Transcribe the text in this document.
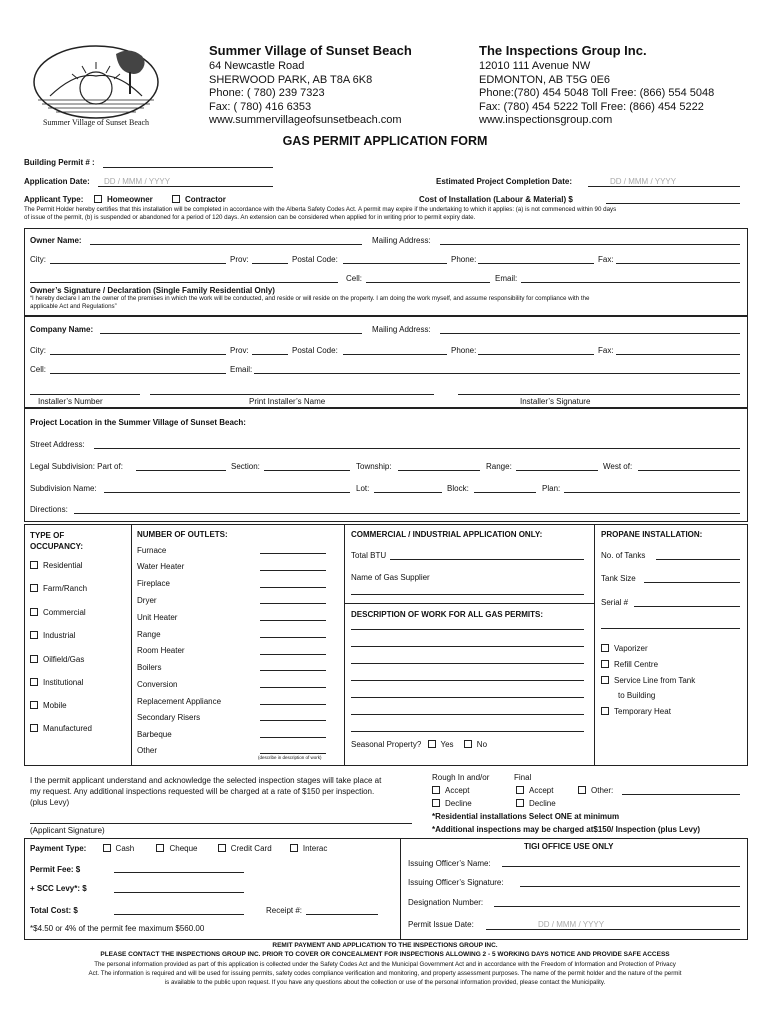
Summer Village of Sunset Beach
Summer Village of Sunset Beach
64 Newcastle Road
SHERWOOD PARK, AB T8A 6K8
Phone: ( 780) 239 7323
Fax: ( 780) 416 6353
www.summervillageofsunsetbeach.com
The Inspections Group Inc.
12010 111 Avenue NW
EDMONTON, AB T5G 0E6
Phone:(780) 454 5048 Toll Free: (866) 554 5048
Fax: (780) 454 5222 Toll Free: (866) 454 5222
www.inspectionsgroup.com
GAS PERMIT APPLICATION FORM
Building Permit # :
Application Date: DD / MMM / YYYY	Estimated Project Completion Date:	DD / MMM / YYYY
Applicant Type:	Homeowner	Contractor	Cost of Installation (Labour & Material) $
The Permit Holder hereby certifies that this installation will be completed in accordance with the Alberta Safety Codes Act. A permit may expire if the undertaking to which it applies: (a) is not commenced within 90 days
of issue of the permit, (b) is suspended or abandoned for a period of 120 days. An extension can be considered when applied for in writing prior to permit expiry date.
Owner Name:	Mailing Address:
City:	Prov:	Postal Code:	Phone:	Fax:
Cell:	Email:
Owner’s Signature / Declaration (Single Family Residential Only)
“I hereby declare I am the owner of the premises in which the work will be conducted, and reside or will reside on the property. I am doing the work myself, and assume responsibility for compliance with the
applicable Act and Regulations”
Company Name:	Mailing Address:
City:	Prov:	Postal Code:	Phone:	Fax:
Cell:	Email:
Installer’s Number	Print Installer’s Name	Installer’s Signature
Project Location in the Summer Village of Sunset Beach:
Street Address:
Legal Subdivision: Part of:	Section:	Township:	Range:	West of:
Subdivision Name:	Lot:	Block:	Plan:
Directions:
TYPE OF
OCCUPANCY:
Residential
Farm/Ranch
Commercial
Industrial
Oilfield/Gas
Institutional
Mobile
Manufactured
NUMBER OF OUTLETS:
Furnace
Water Heater
Fireplace
Dryer
Unit Heater
Range
Room Heater
Boilers
Conversion
Replacement Appliance
Secondary Risers
Barbeque
Other
(describe in description of work)
COMMERCIAL / INDUSTRIAL APPLICATION ONLY:
Total BTU
Name of Gas Supplier
DESCRIPTION OF WORK FOR ALL GAS PERMITS:
Seasonal Property? Yes	No
PROPANE INSTALLATION:
No. of Tanks
Tank Size
Serial #
Vaporizer
Refill Centre
Service Line from Tank
to Building
Temporary Heat
I the permit applicant understand and acknowledge the selected inspection stages will take place at
my request. Any additional inspections requested will be charged at a rate of $150 per inspection.
(plus Levy)
(Applicant Signature)
Rough In and/or	Final
Accept	Accept	Other:
Decline	Decline
*Residential installations Select ONE at minimum
*Additional inspections may be charged at$150/ Inspection (plus Levy)
Payment Type:	Cash	Cheque	Credit Card	Interac
Permit Fee: $
+ SCC Levy*: $
Total Cost: $	Receipt #:
*$4.50 or 4% of the permit fee maximum $560.00
TIGI OFFICE USE ONLY
Issuing Officer’s Name:
Issuing Officer’s Signature:
Designation Number:
Permit Issue Date:	DD / MMM / YYYY
REMIT PAYMENT AND APPLICATION TO THE INSPECTIONS GROUP INC.
PLEASE CONTACT THE INSPECTIONS GROUP INC. PRIOR TO COVER OR CONCEALMENT FOR INSPECTIONS ALLOWING 2 - 5 WORKING DAYS NOTICE AND PROVIDE SAFE ACCESS
The personal information provided as part of this application is collected under the Safety Codes Act and the Municipal Government Act and in accordance with the Freedom of Information and Protection of Privacy
Act. The information is required and will be used for issuing permits, safety codes compliance verification and monitoring, and property assessment purposes. The name of the permit holder and the nature of the permit
is available to the public upon request. If you have any questions about the collection or use of the personal information provided, please contact the Municipality.
